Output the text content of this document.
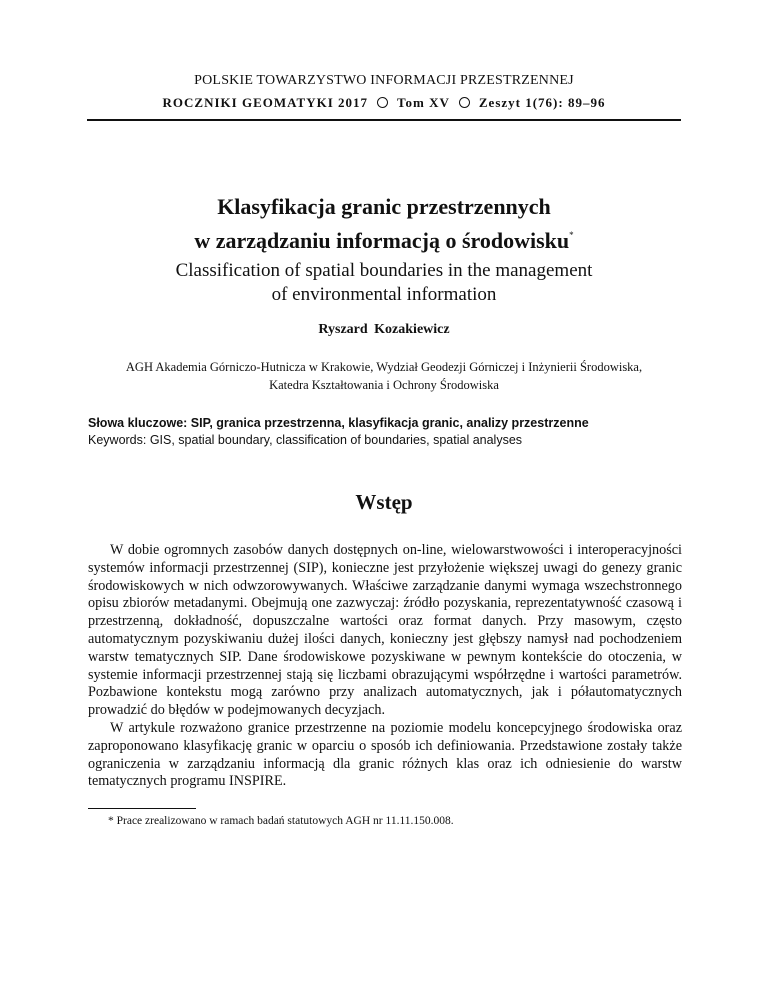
POLSKIE TOWARZYSTWO INFORMACJI PRZESTRZENNEJ
ROCZNIKI GEOMATYKI 2017 Tom XV Zeszyt 1(76): 89–96
Klasyfikacja granic przestrzennych
w zarządzaniu informacją o środowisku*
Classification of spatial boundaries in the management
of environmental information
Ryszard Kozakiewicz
AGH Akademia Górniczo-Hutnicza w Krakowie, Wydział Geodezji Górniczej i Inżynierii Środowiska,
Katedra Kształtowania i Ochrony Środowiska
Słowa kluczowe: SIP, granica przestrzenna, klasyfikacja granic, analizy przestrzenne
Keywords: GIS, spatial boundary, classification of boundaries, spatial analyses
Wstęp

W dobie ogromnych zasobów danych dostępnych on-line, wielowarstwowości i interoperacyjności systemów informacji przestrzennej (SIP), konieczne jest przyłożenie większej uwagi do genezy granic środowiskowych w nich odwzorowywanych. Właściwe zarządzanie danymi wymaga wszechstronnego opisu zbiorów metadanymi. Obejmują one zazwyczaj: źródło pozyskania, reprezentatywność czasową i przestrzenną, dokładność, dopuszczalne wartości oraz format danych. Przy masowym, często automatycznym pozyskiwaniu dużej ilości danych, konieczny jest głębszy namysł nad pochodzeniem warstw tematycznych SIP. Dane środowiskowe pozyskiwane w pewnym kontekście do otoczenia, w systemie informacji przestrzennej stają się liczbami obrazującymi współrzędne i wartości parametrów. Pozbawione kontekstu mogą zarówno przy analizach automatycznych, jak i półautomatycznych prowadzić do błędów w podejmowanych decyzjach.

W artykule rozważono granice przestrzenne na poziomie modelu koncepcyjnego środowiska oraz zaproponowano klasyfikację granic w oparciu o sposób ich definiowania. Przedstawione zostały także ograniczenia w zarządzaniu informacją dla granic różnych klas oraz ich odniesienie do warstw tematycznych programu INSPIRE.

* Prace zrealizowano w ramach badań statutowych AGH nr 11.11.150.008.
